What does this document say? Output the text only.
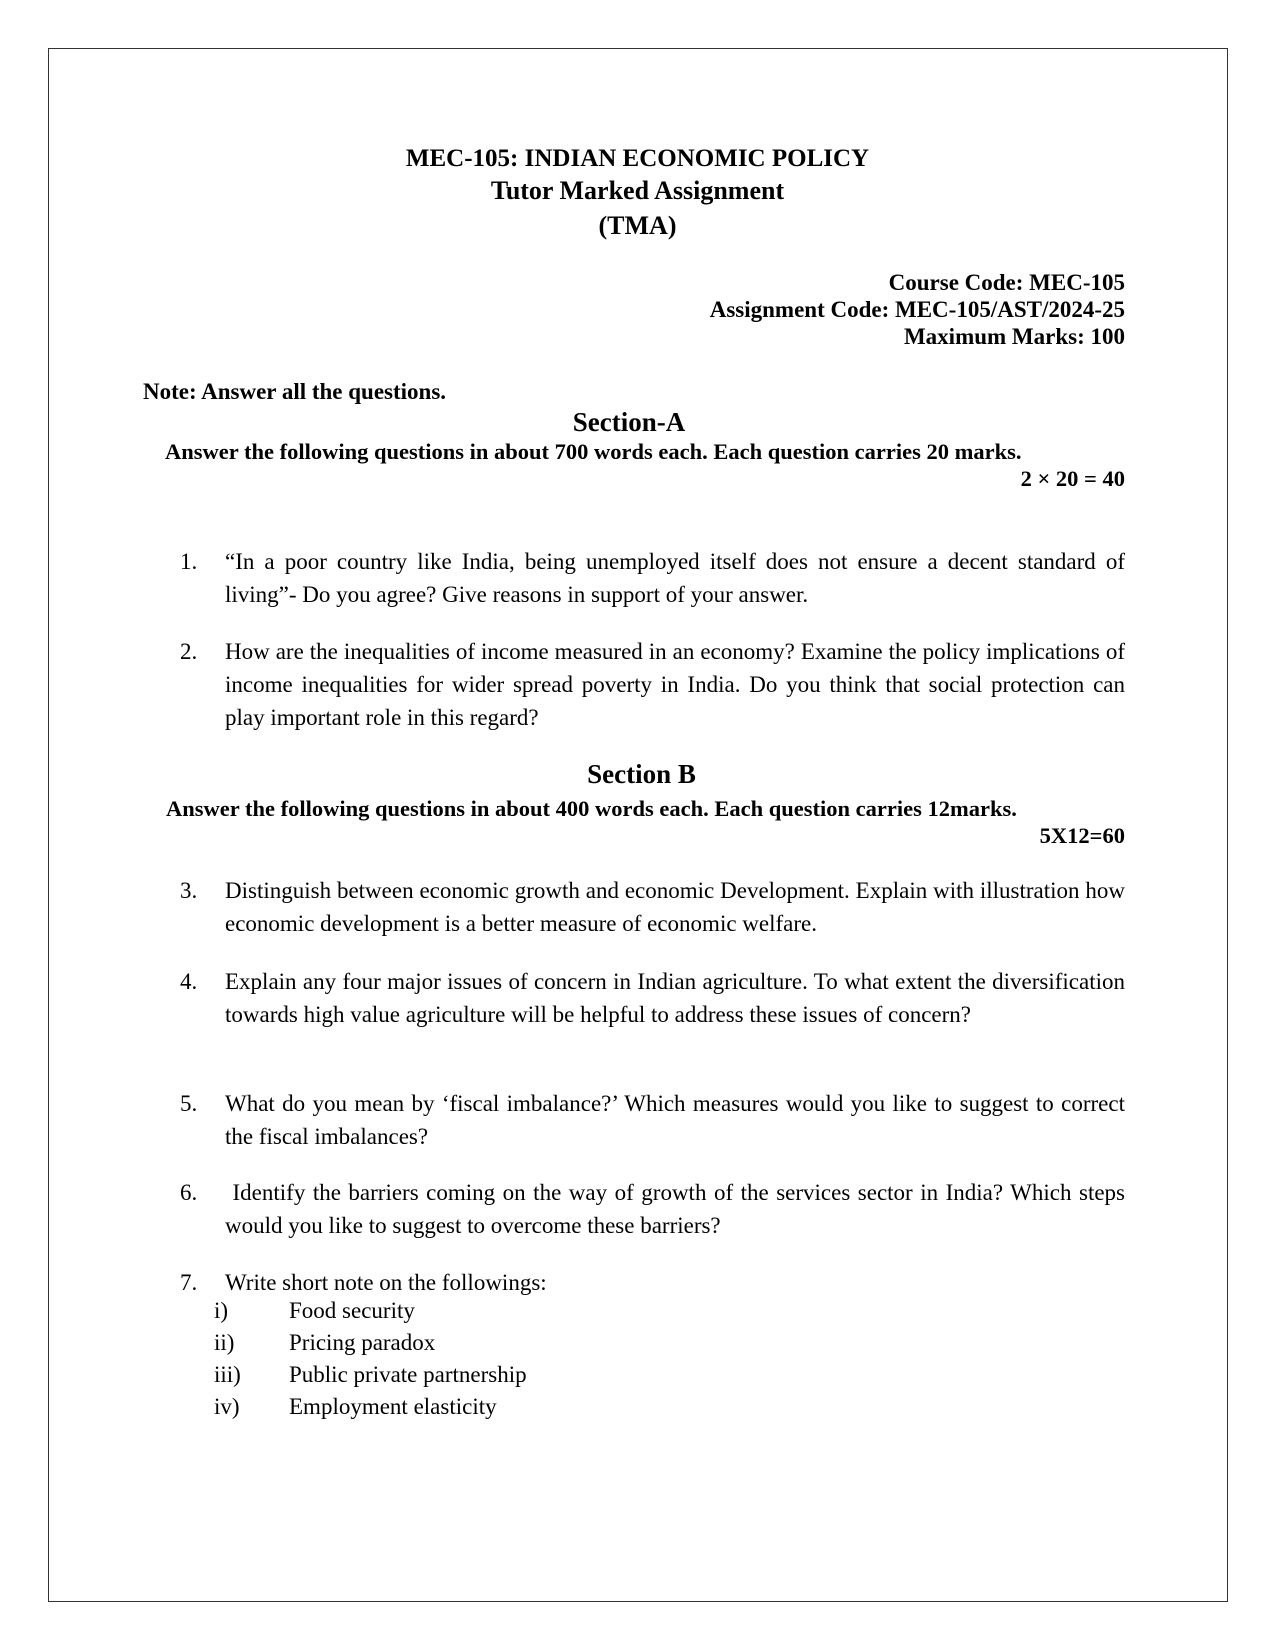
MEC-105: INDIAN ECONOMIC POLICY
Tutor Marked Assignment
(TMA)
Course Code: MEC-105
Assignment Code: MEC-105/AST/2024-25
Maximum Marks: 100
Note: Answer all the questions.
Section-A
Answer the following questions in about 700 words each. Each question carries 20 marks.
2 × 20 = 40
1. “In a poor country like India, being unemployed itself does not ensure a decent standard of living”- Do you agree? Give reasons in support of your answer.
2. How are the inequalities of income measured in an economy? Examine the policy implications of income inequalities for wider spread poverty in India. Do you think that social protection can play important role in this regard?
Section B
Answer the following questions in about 400 words each. Each question carries 12marks.
5X12=60
3. Distinguish between economic growth and economic Development. Explain with illustration how economic development is a better measure of economic welfare.
4. Explain any four major issues of concern in Indian agriculture. To what extent the diversification towards high value agriculture will be helpful to address these issues of concern?
5. What do you mean by ‘fiscal imbalance?’ Which measures would you like to suggest to correct the fiscal imbalances?
6. Identify the barriers coming on the way of growth of the services sector in India? Which steps would you like to suggest to overcome these barriers?
7. Write short note on the followings:
i)	Food security
ii) Pricing paradox
iii) Public private partnership
iv) Employment elasticity
